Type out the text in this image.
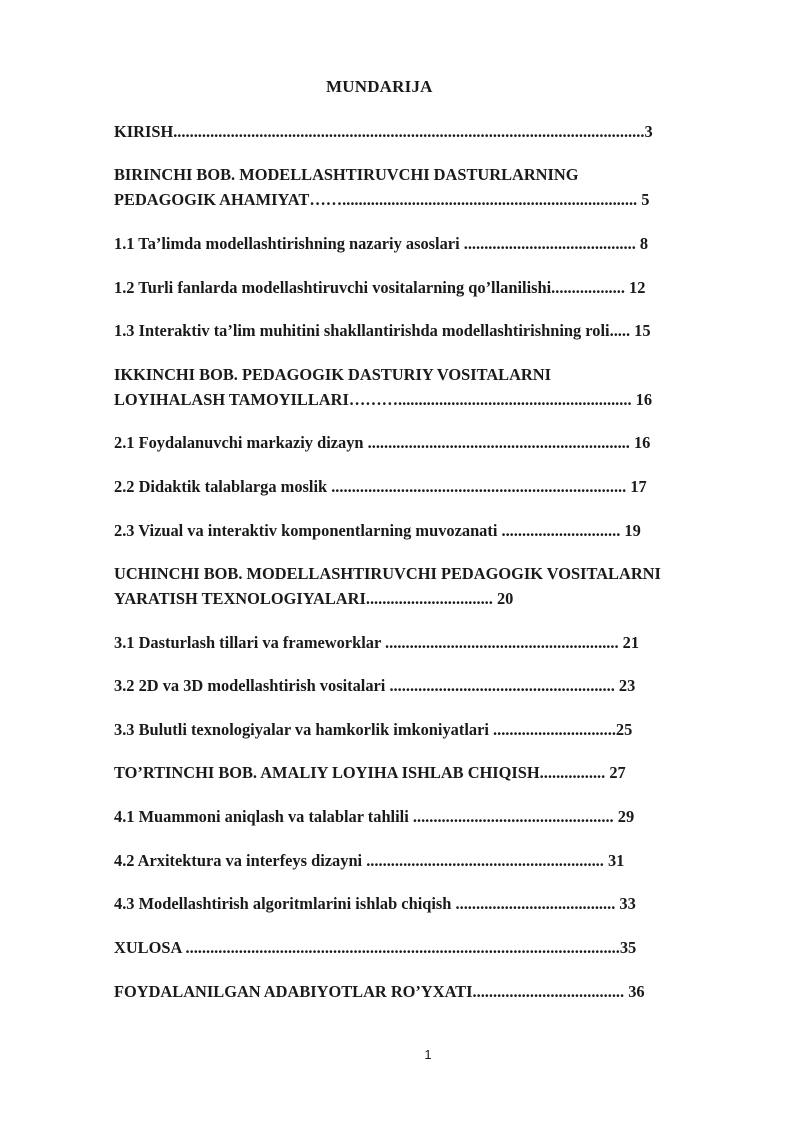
MUNDARIJA
KIRISH...................................................................................................................3
BIRINCHI BOB. MODELLASHTIRUVCHI DASTURLARNING
PEDAGOGIK AHAMIYAT……........................................................................ 5
1.1 Ta’limda modellashtirishning nazariy asoslari .......................................... 8
1.2 Turli fanlarda modellashtiruvchi vositalarning qo’llanilishi.................. 12
1.3 Interaktiv ta’lim muhitini shakllantirishda modellashtirishning roli..... 15
IKKINCHI BOB. PEDAGOGIK DASTURIY VOSITALARNI
LOYIHALASH TAMOYILLARI………......................................................... 16
2.1 Foydalanuvchi markaziy dizayn ................................................................ 16
2.2 Didaktik talablarga moslik ........................................................................ 17
2.3 Vizual va interaktiv komponentlarning muvozanati ............................. 19
UCHINCHI BOB. MODELLASHTIRUVCHI PEDAGOGIK VOSITALARNI
YARATISH TEXNOLOGIYALARI............................... 20
3.1 Dasturlash tillari va frameworklar ......................................................... 21
3.2 2D va 3D modellashtirish vositalari ....................................................... 23
3.3 Bulutli texnologiyalar va hamkorlik imkoniyatlari ..............................25
TO’RTINCHI BOB. AMALIY LOYIHA ISHLAB CHIQISH................ 27
4.1 Muammoni aniqlash va talablar tahlili ................................................. 29
4.2 Arxitektura va interfeys dizayni .......................................................... 31
4.3 Modellashtirish algoritmlarini ishlab chiqish ....................................... 33
XULOSA ..........................................................................................................35
FOYDALANILGAN ADABIYOTLAR RO’YXATI..................................... 36
1
